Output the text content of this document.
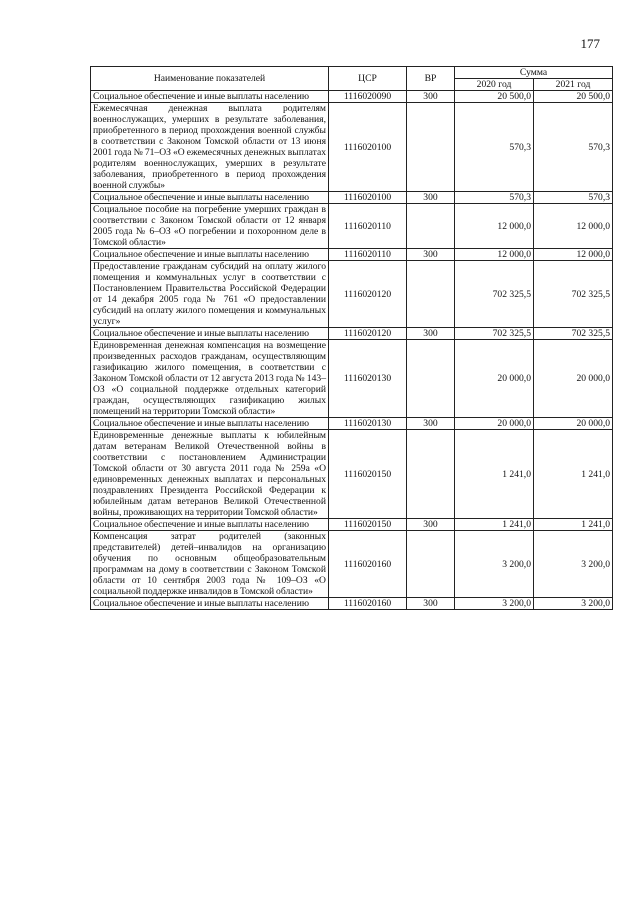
177
Наименование показателей	ЦСР	ВР	Сумма	
			2020 год	2021 год
Социальное обеспечение и иные выплаты населению	1116020090	300	20 500,0	20 500,0
Ежемесячная денежная выплата родителям военнослужащих, умерших в результате заболевания, приобретенного в период прохождения военной службы в соответствии с Законом Томской области от 13 июня 2001 года № 71–ОЗ «О ежемесячных денежных выплатах родителям военнослужащих, умерших в результате заболевания, приобретенного в период прохождения военной службы»	1116020100		570,3	570,3
Социальное обеспечение и иные выплаты населению	1116020100	300	570,3	570,3
Социальное пособие на погребение умерших граждан в соответствии с Законом Томской области от 12 января 2005 года № 6–ОЗ «О погребении и похоронном деле в Томской области»	1116020110		12 000,0	12 000,0
Социальное обеспечение и иные выплаты населению	1116020110	300	12 000,0	12 000,0
Предоставление гражданам субсидий на оплату жилого помещения и коммунальных услуг в соответствии с Постановлением Правительства Российской Федерации от 14 декабря 2005 года № 761 «О предоставлении субсидий на оплату жилого помещения и коммунальных услуг»	1116020120		702 325,5	702 325,5
Социальное обеспечение и иные выплаты населению	1116020120	300	702 325,5	702 325,5
Единовременная денежная компенсация на возмещение произведенных расходов гражданам, осуществляющим газификацию жилого помещения, в соответствии с Законом Томской области от 12 августа 2013 года № 143–ОЗ «О социальной поддержке отдельных категорий граждан, осуществляющих газификацию жилых помещений на территории Томской области»	1116020130		20 000,0	20 000,0
Социальное обеспечение и иные выплаты населению	1116020130	300	20 000,0	20 000,0
Единовременные денежные выплаты к юбилейным датам ветеранам Великой Отечественной войны в соответствии с постановлением Администрации Томской области от 30 августа 2011 года № 259а «О единовременных денежных выплатах и персональных поздравлениях Президента Российской Федерации к юбилейным датам ветеранов Великой Отечественной войны, проживающих на территории Томской области»	1116020150		1 241,0	1 241,0
Социальное обеспечение и иные выплаты населению	1116020150	300	1 241,0	1 241,0
Компенсация затрат родителей (законных представителей) детей–инвалидов на организацию обучения по основным общеобразовательным программам на дому в соответствии с Законом Томской области от 10 сентября 2003 года № 109–ОЗ «О социальной поддержке инвалидов в Томской области»	1116020160		3 200,0	3 200,0
Социальное обеспечение и иные выплаты населению	1116020160	300	3 200,0	3 200,0
